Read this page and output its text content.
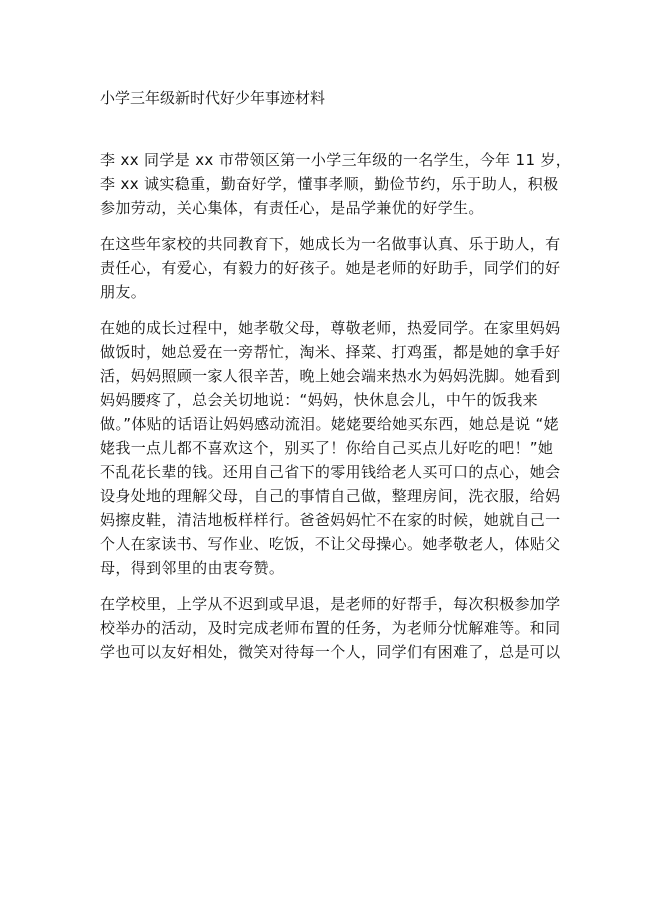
小学三年级新时代好少年事迹材料
李 xx 同学是 xx 市带领区第一小学三年级的一名学生，今年 11 岁，
李 xx 诚实稳重，勤奋好学，懂事孝顺，勤俭节约，乐于助人，积极
参加劳动，关心集体，有责任心，是品学兼优的好学生。
在这些年家校的共同教育下，她成长为一名做事认真、乐于助人，有
责任心，有爱心，有毅力的好孩子。她是老师的好助手，同学们的好
朋友。
在她的成长过程中，她孝敬父母，尊敬老师，热爱同学。在家里妈妈
做饭时，她总爱在一旁帮忙，淘米、择菜、打鸡蛋，都是她的拿手好
活，妈妈照顾一家人很辛苦，晚上她会端来热水为妈妈洗脚。她看到
妈妈腰疼了，总会关切地说：“妈妈，快休息会儿，中午的饭我来
做。”体贴的话语让妈妈感动流泪。姥姥要给她买东西，她总是说 “姥
姥我一点儿都不喜欢这个，别买了！你给自己买点儿好吃的吧！”她
不乱花长辈的钱。还用自己省下的零用钱给老人买可口的点心，她会
设身处地的理解父母，自己的事情自己做，整理房间，洗衣服，给妈
妈擦皮鞋，清洁地板样样行。爸爸妈妈忙不在家的时候，她就自己一
个人在家读书、写作业、吃饭，不让父母操心。她孝敬老人，体贴父
母，得到邻里的由衷夸赞。
在学校里，上学从不迟到或早退，是老师的好帮手，每次积极参加学
校举办的活动，及时完成老师布置的任务，为老师分忧解难等。和同
学也可以友好相处，微笑对待每一个人，同学们有困难了，总是可以
